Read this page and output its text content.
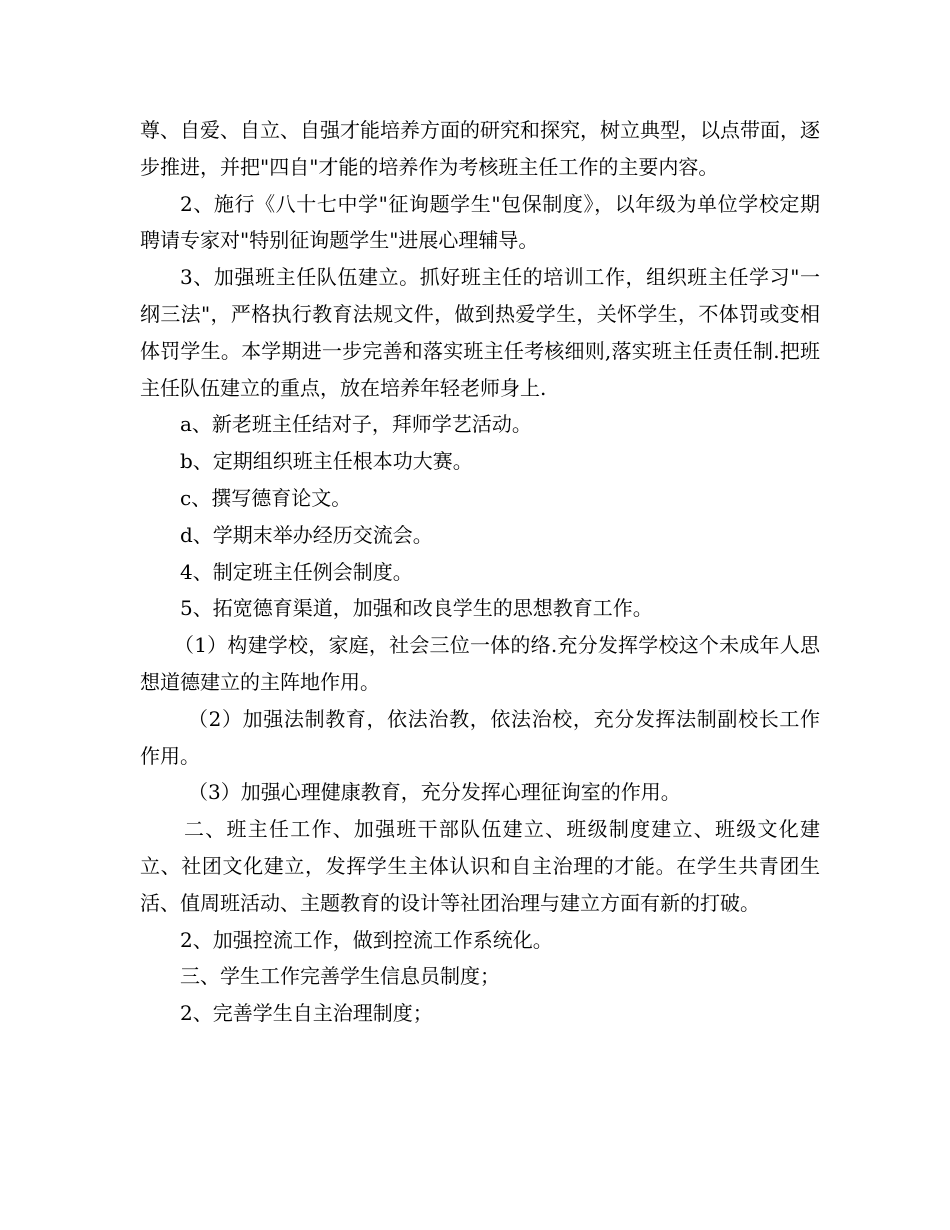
尊、自爱、自立、自强才能培养方面的研究和探究，树立典型，以点带面，逐步推进，并把"四自"才能的培养作为考核班主任工作的主要内容。

2、施行《八十七中学"征询题学生"包保制度》，以年级为单位学校定期聘请专家对"特别征询题学生"进展心理辅导。

3、加强班主任队伍建立。抓好班主任的培训工作，组织班主任学习"一纲三法"，严格执行教育法规文件，做到热爱学生，关怀学生，不体罚或变相体罚学生。本学期进一步完善和落实班主任考核细则,落实班主任责任制.把班主任队伍建立的重点，放在培养年轻老师身上.

a、新老班主任结对子，拜师学艺活动。

b、定期组织班主任根本功大赛。

c、撰写德育论文。

d、学期末举办经历交流会。

4、制定班主任例会制度。

5、拓宽德育渠道，加强和改良学生的思想教育工作。

（1）构建学校，家庭，社会三位一体的络.充分发挥学校这个未成年人思想道德建立的主阵地作用。

（2）加强法制教育，依法治教，依法治校，充分发挥法制副校长工作作用。

（3）加强心理健康教育，充分发挥心理征询室的作用。

二、班主任工作、加强班干部队伍建立、班级制度建立、班级文化建立、社团文化建立，发挥学生主体认识和自主治理的才能。在学生共青团生活、值周班活动、主题教育的设计等社团治理与建立方面有新的打破。

2、加强控流工作，做到控流工作系统化。

三、学生工作完善学生信息员制度；

2、完善学生自主治理制度；
